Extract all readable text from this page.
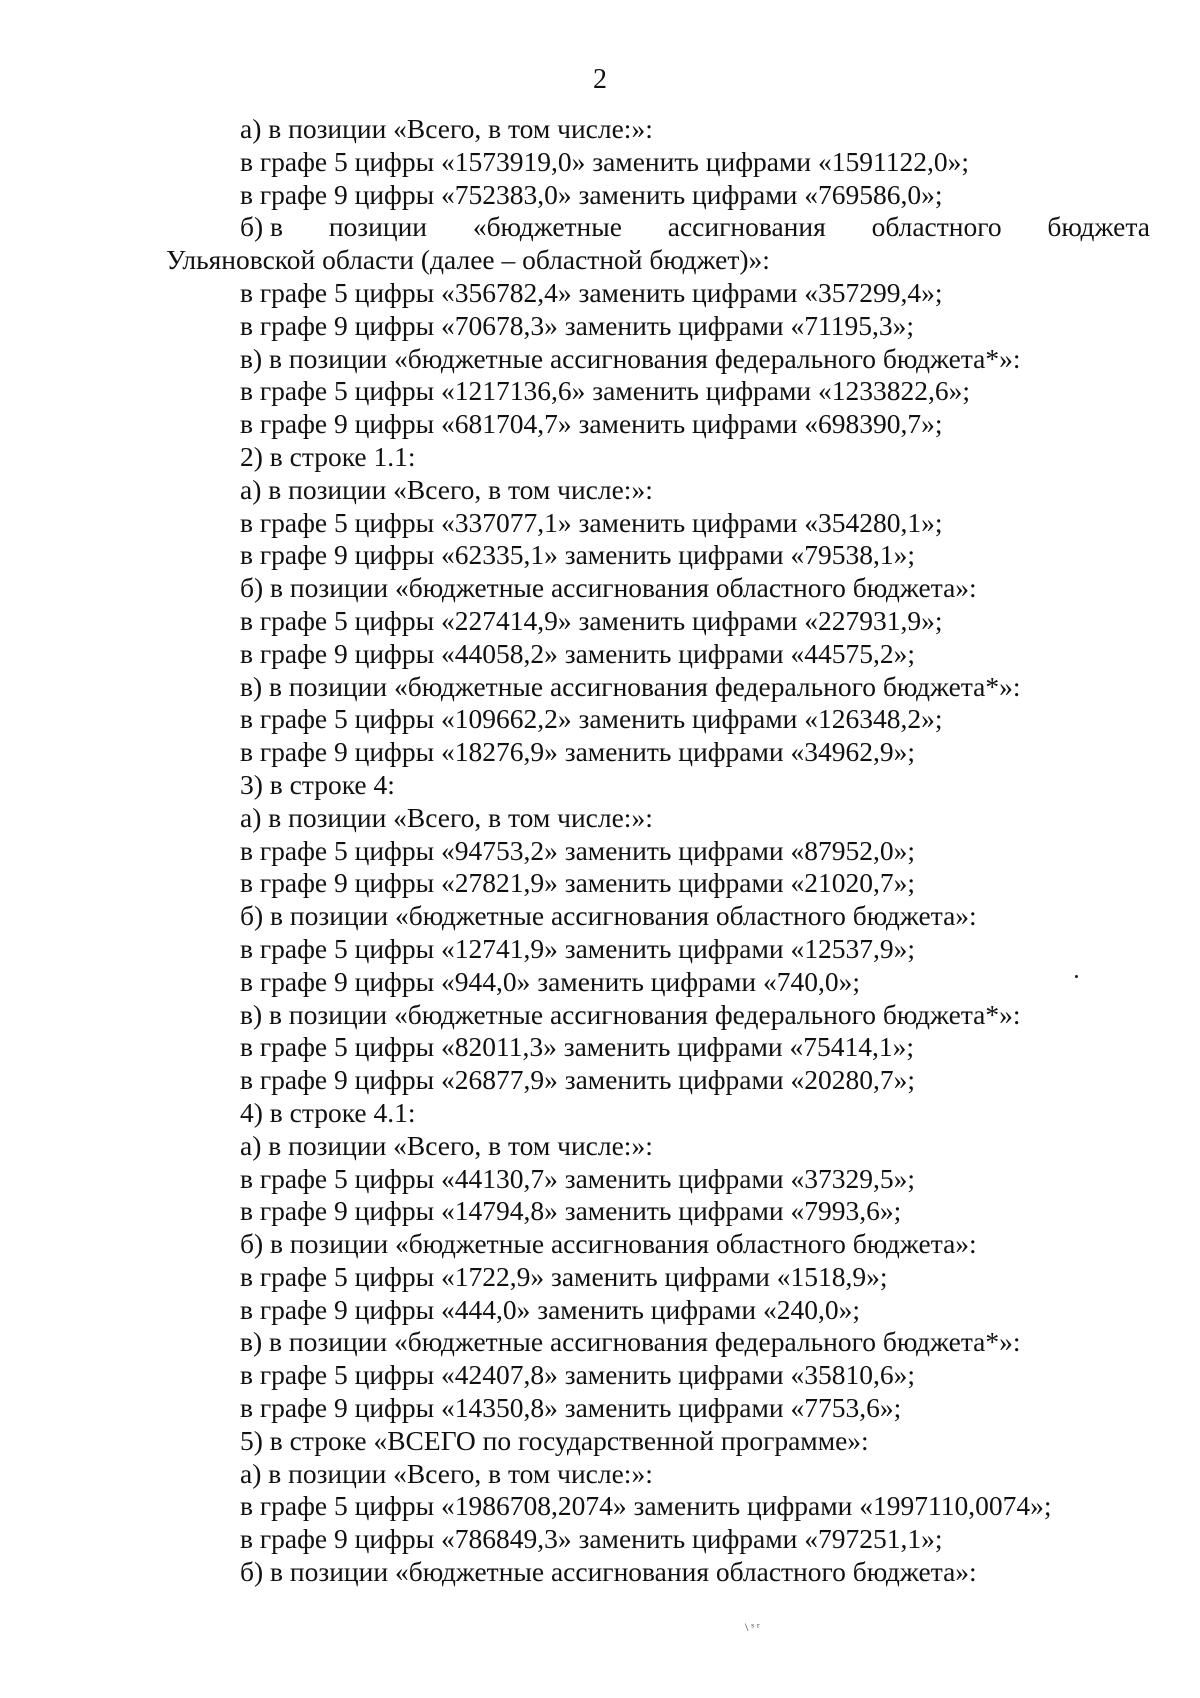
2
а) в позиции «Всего, в том числе:»:
в графе 5 цифры «1573919,0» заменить цифрами «1591122,0»;
в графе 9 цифры «752383,0» заменить цифрами «769586,0»;
б) в позиции «бюджетные ассигнования областного бюджета
Ульяновской области (далее – областной бюджет)»:
в графе 5 цифры «356782,4» заменить цифрами «357299,4»;
в графе 9 цифры «70678,3» заменить цифрами «71195,3»;
в) в позиции «бюджетные ассигнования федерального бюджета*»:
в графе 5 цифры «1217136,6» заменить цифрами «1233822,6»;
в графе 9 цифры «681704,7» заменить цифрами «698390,7»;
2) в строке 1.1:
а) в позиции «Всего, в том числе:»:
в графе 5 цифры «337077,1» заменить цифрами «354280,1»;
в графе 9 цифры «62335,1» заменить цифрами «79538,1»;
б) в позиции «бюджетные ассигнования областного бюджета»:
в графе 5 цифры «227414,9» заменить цифрами «227931,9»;
в графе 9 цифры «44058,2» заменить цифрами «44575,2»;
в) в позиции «бюджетные ассигнования федерального бюджета*»:
в графе 5 цифры «109662,2» заменить цифрами «126348,2»;
в графе 9 цифры «18276,9» заменить цифрами «34962,9»;
3) в строке 4:
а) в позиции «Всего, в том числе:»:
в графе 5 цифры «94753,2» заменить цифрами «87952,0»;
в графе 9 цифры «27821,9» заменить цифрами «21020,7»;
б) в позиции «бюджетные ассигнования областного бюджета»:
в графе 5 цифры «12741,9» заменить цифрами «12537,9»;
в графе 9 цифры «944,0» заменить цифрами «740,0»;
в) в позиции «бюджетные ассигнования федерального бюджета*»:
в графе 5 цифры «82011,3» заменить цифрами «75414,1»;
в графе 9 цифры «26877,9» заменить цифрами «20280,7»;
4) в строке 4.1:
а) в позиции «Всего, в том числе:»:
в графе 5 цифры «44130,7» заменить цифрами «37329,5»;
в графе 9 цифры «14794,8» заменить цифрами «7993,6»;
б) в позиции «бюджетные ассигнования областного бюджета»:
в графе 5 цифры «1722,9» заменить цифрами «1518,9»;
в графе 9 цифры «444,0» заменить цифрами «240,0»;
в) в позиции «бюджетные ассигнования федерального бюджета*»:
в графе 5 цифры «42407,8» заменить цифрами «35810,6»;
в графе 9 цифры «14350,8» заменить цифрами «7753,6»;
5) в строке «ВСЕГО по государственной программе»:
а) в позиции «Всего, в том числе:»:
в графе 5 цифры «1986708,2074» заменить цифрами «1997110,0074»;
в графе 9 цифры «786849,3» заменить цифрами «797251,1»;
б) в позиции «бюджетные ассигнования областного бюджета»:
\ ˢ ʳ
